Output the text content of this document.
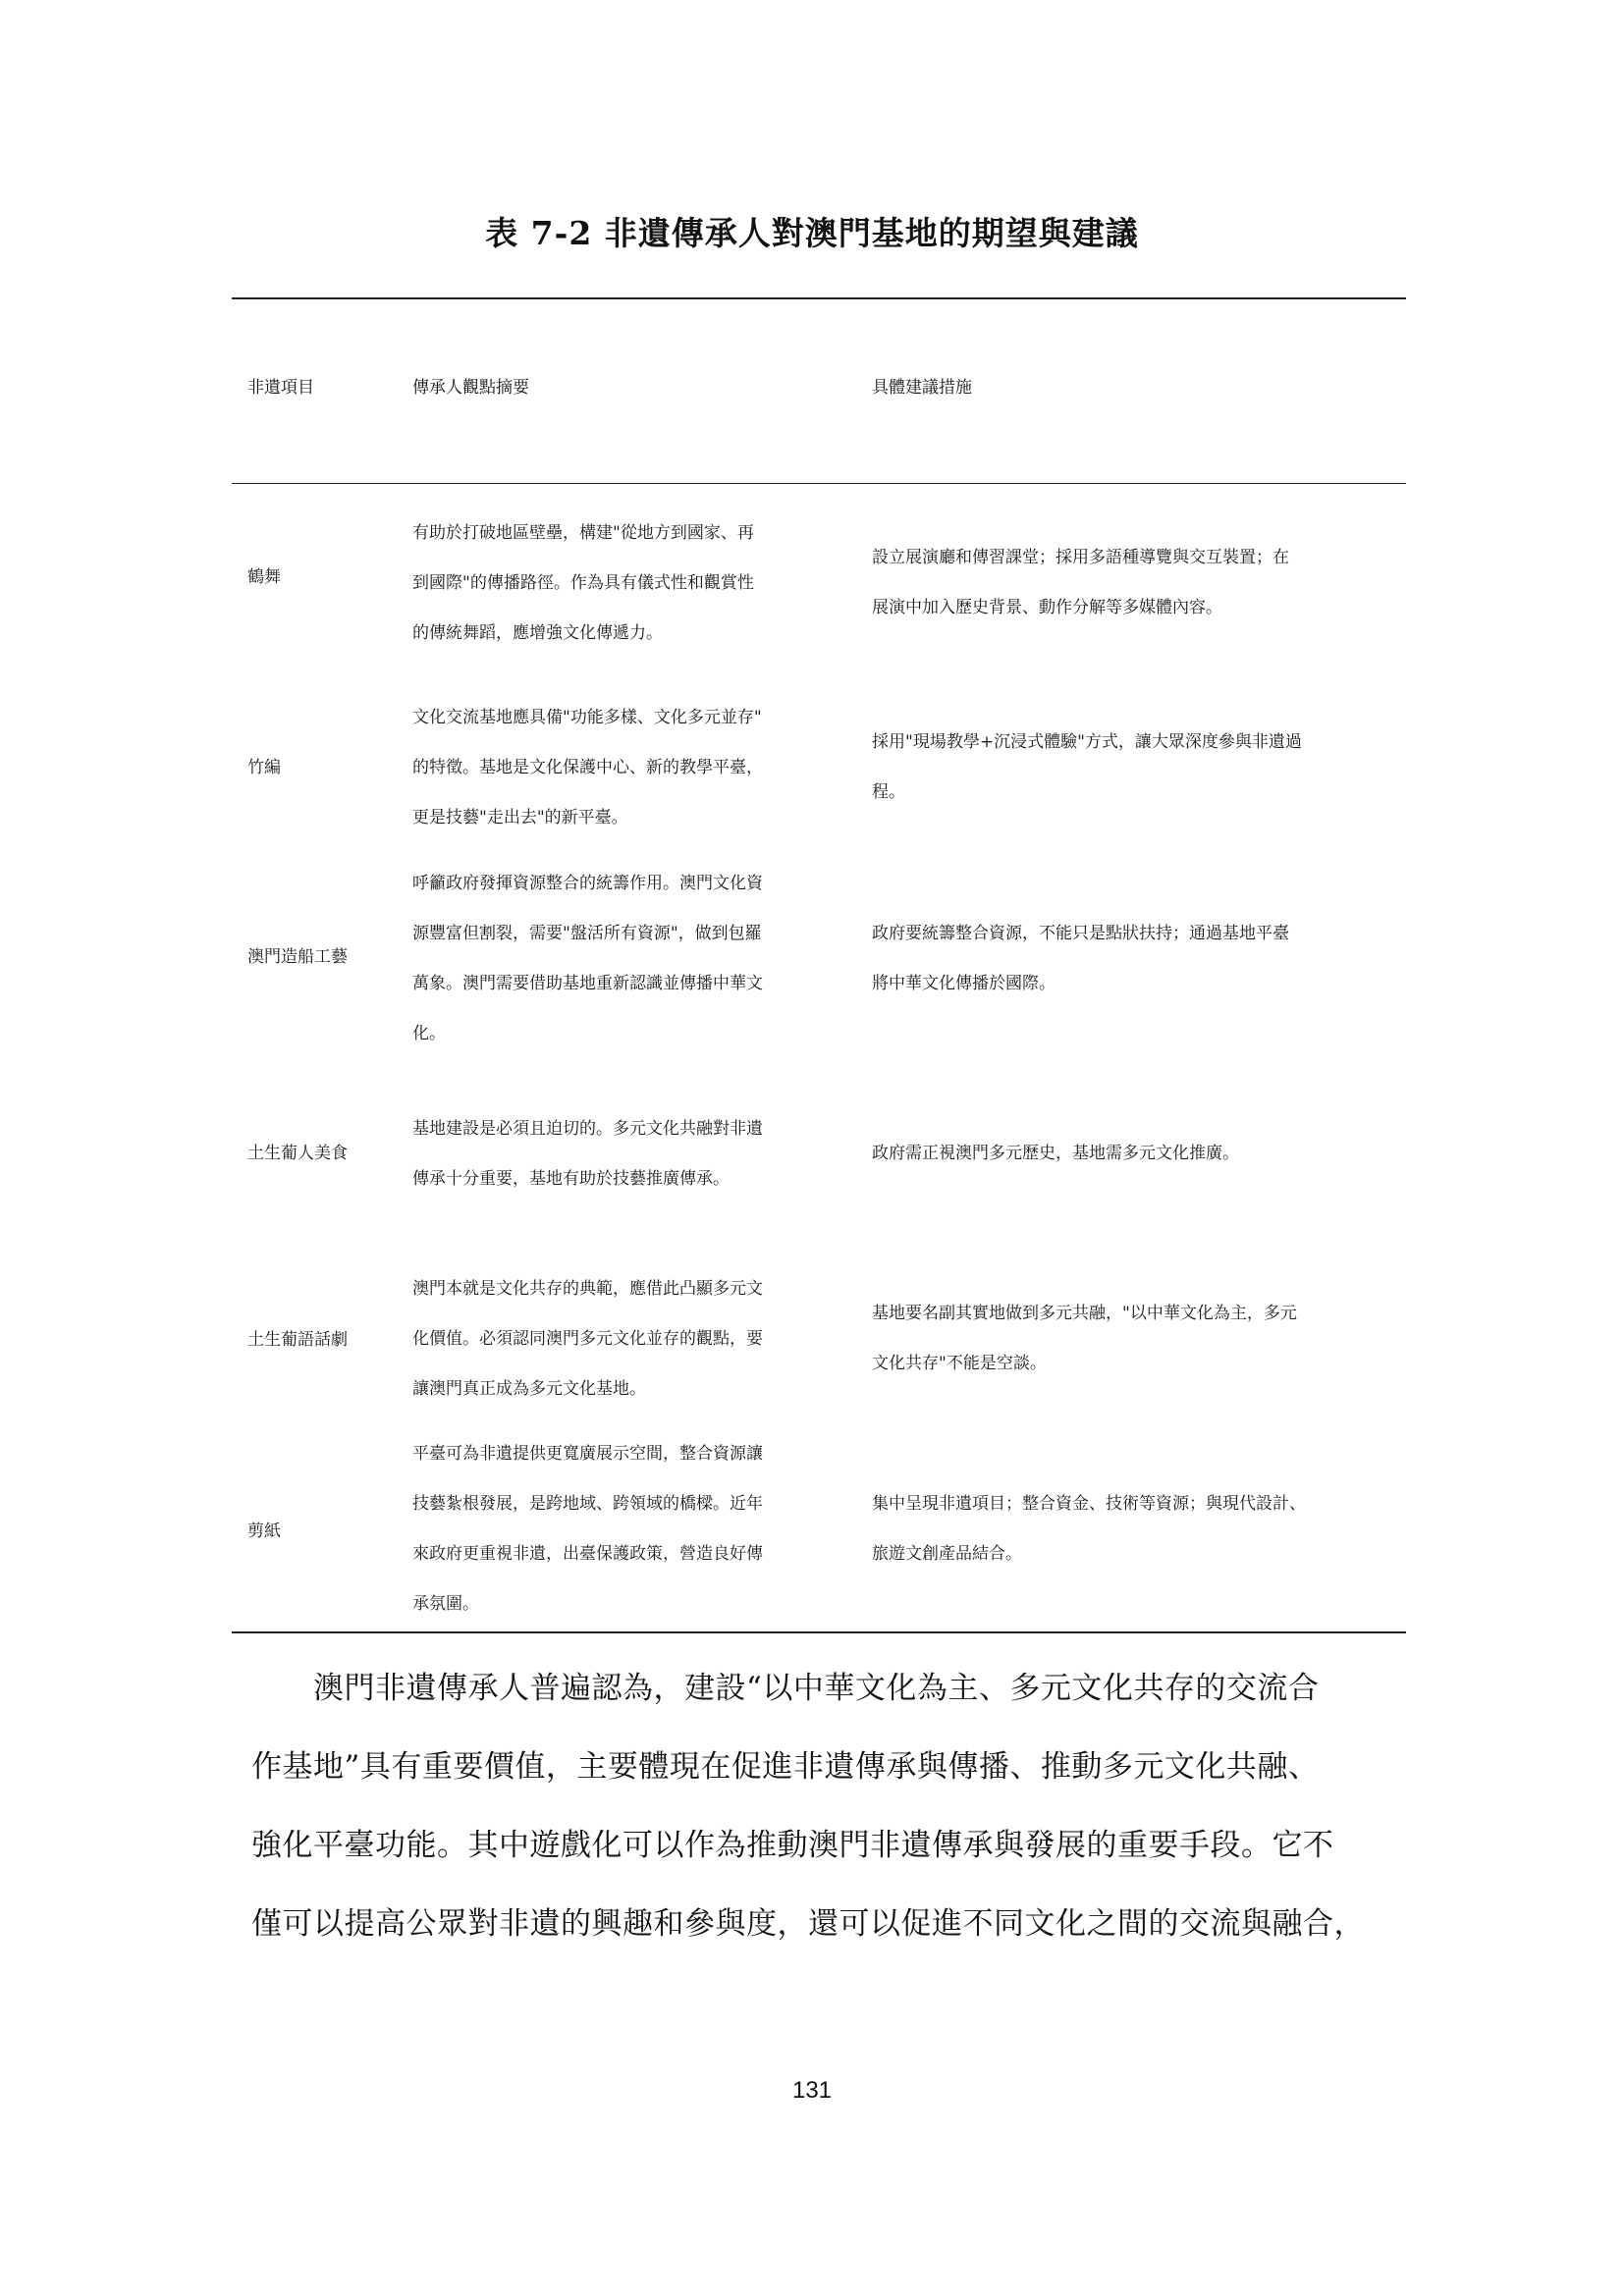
表 7-2 非遺傳承人對澳門基地的期望與建議
非遺項目	傳承人觀點摘要	具體建議措施
鶴舞
有助於打破地區壁壘，構建"從地方到國家、再
到國際"的傳播路徑。作為具有儀式性和觀賞性
的傳統舞蹈，應增強文化傳遞力。
設立展演廳和傳習課堂；採用多語種導覽與交互裝置；在
展演中加入歷史背景、動作分解等多媒體內容。
竹編
文化交流基地應具備"功能多樣、文化多元並存"
的特徵。基地是文化保護中心、新的教學平臺，
更是技藝"走出去"的新平臺。
採用"現場教學+沉浸式體驗"方式，讓大眾深度參與非遺過
程。
澳門造船工藝
呼籲政府發揮資源整合的統籌作用。澳門文化資
源豐富但割裂，需要"盤活所有資源"，做到包羅
萬象。澳門需要借助基地重新認識並傳播中華文
化。
政府要統籌整合資源，不能只是點狀扶持；通過基地平臺
將中華文化傳播於國際。
土生葡人美食
基地建設是必須且迫切的。多元文化共融對非遺
傳承十分重要，基地有助於技藝推廣傳承。
政府需正視澳門多元歷史，基地需多元文化推廣。
土生葡語話劇
澳門本就是文化共存的典範，應借此凸顯多元文
化價值。必須認同澳門多元文化並存的觀點，要
讓澳門真正成為多元文化基地。
基地要名副其實地做到多元共融，"以中華文化為主，多元
文化共存"不能是空談。
剪紙
平臺可為非遺提供更寬廣展示空間，整合資源讓
技藝紮根發展，是跨地域、跨領域的橋樑。近年
來政府更重視非遺，出臺保護政策，營造良好傳
承氛圍。
集中呈現非遺項目；整合資金、技術等資源；與現代設計、
旅遊文創產品結合。
　　澳門非遺傳承人普遍認為，建設“以中華文化為主、多元文化共存的交流合
作基地”具有重要價值，主要體現在促進非遺傳承與傳播、推動多元文化共融、
強化平臺功能。其中遊戲化可以作為推動澳門非遺傳承與發展的重要手段。它不
僅可以提高公眾對非遺的興趣和參與度，還可以促進不同文化之間的交流與融合，
131
